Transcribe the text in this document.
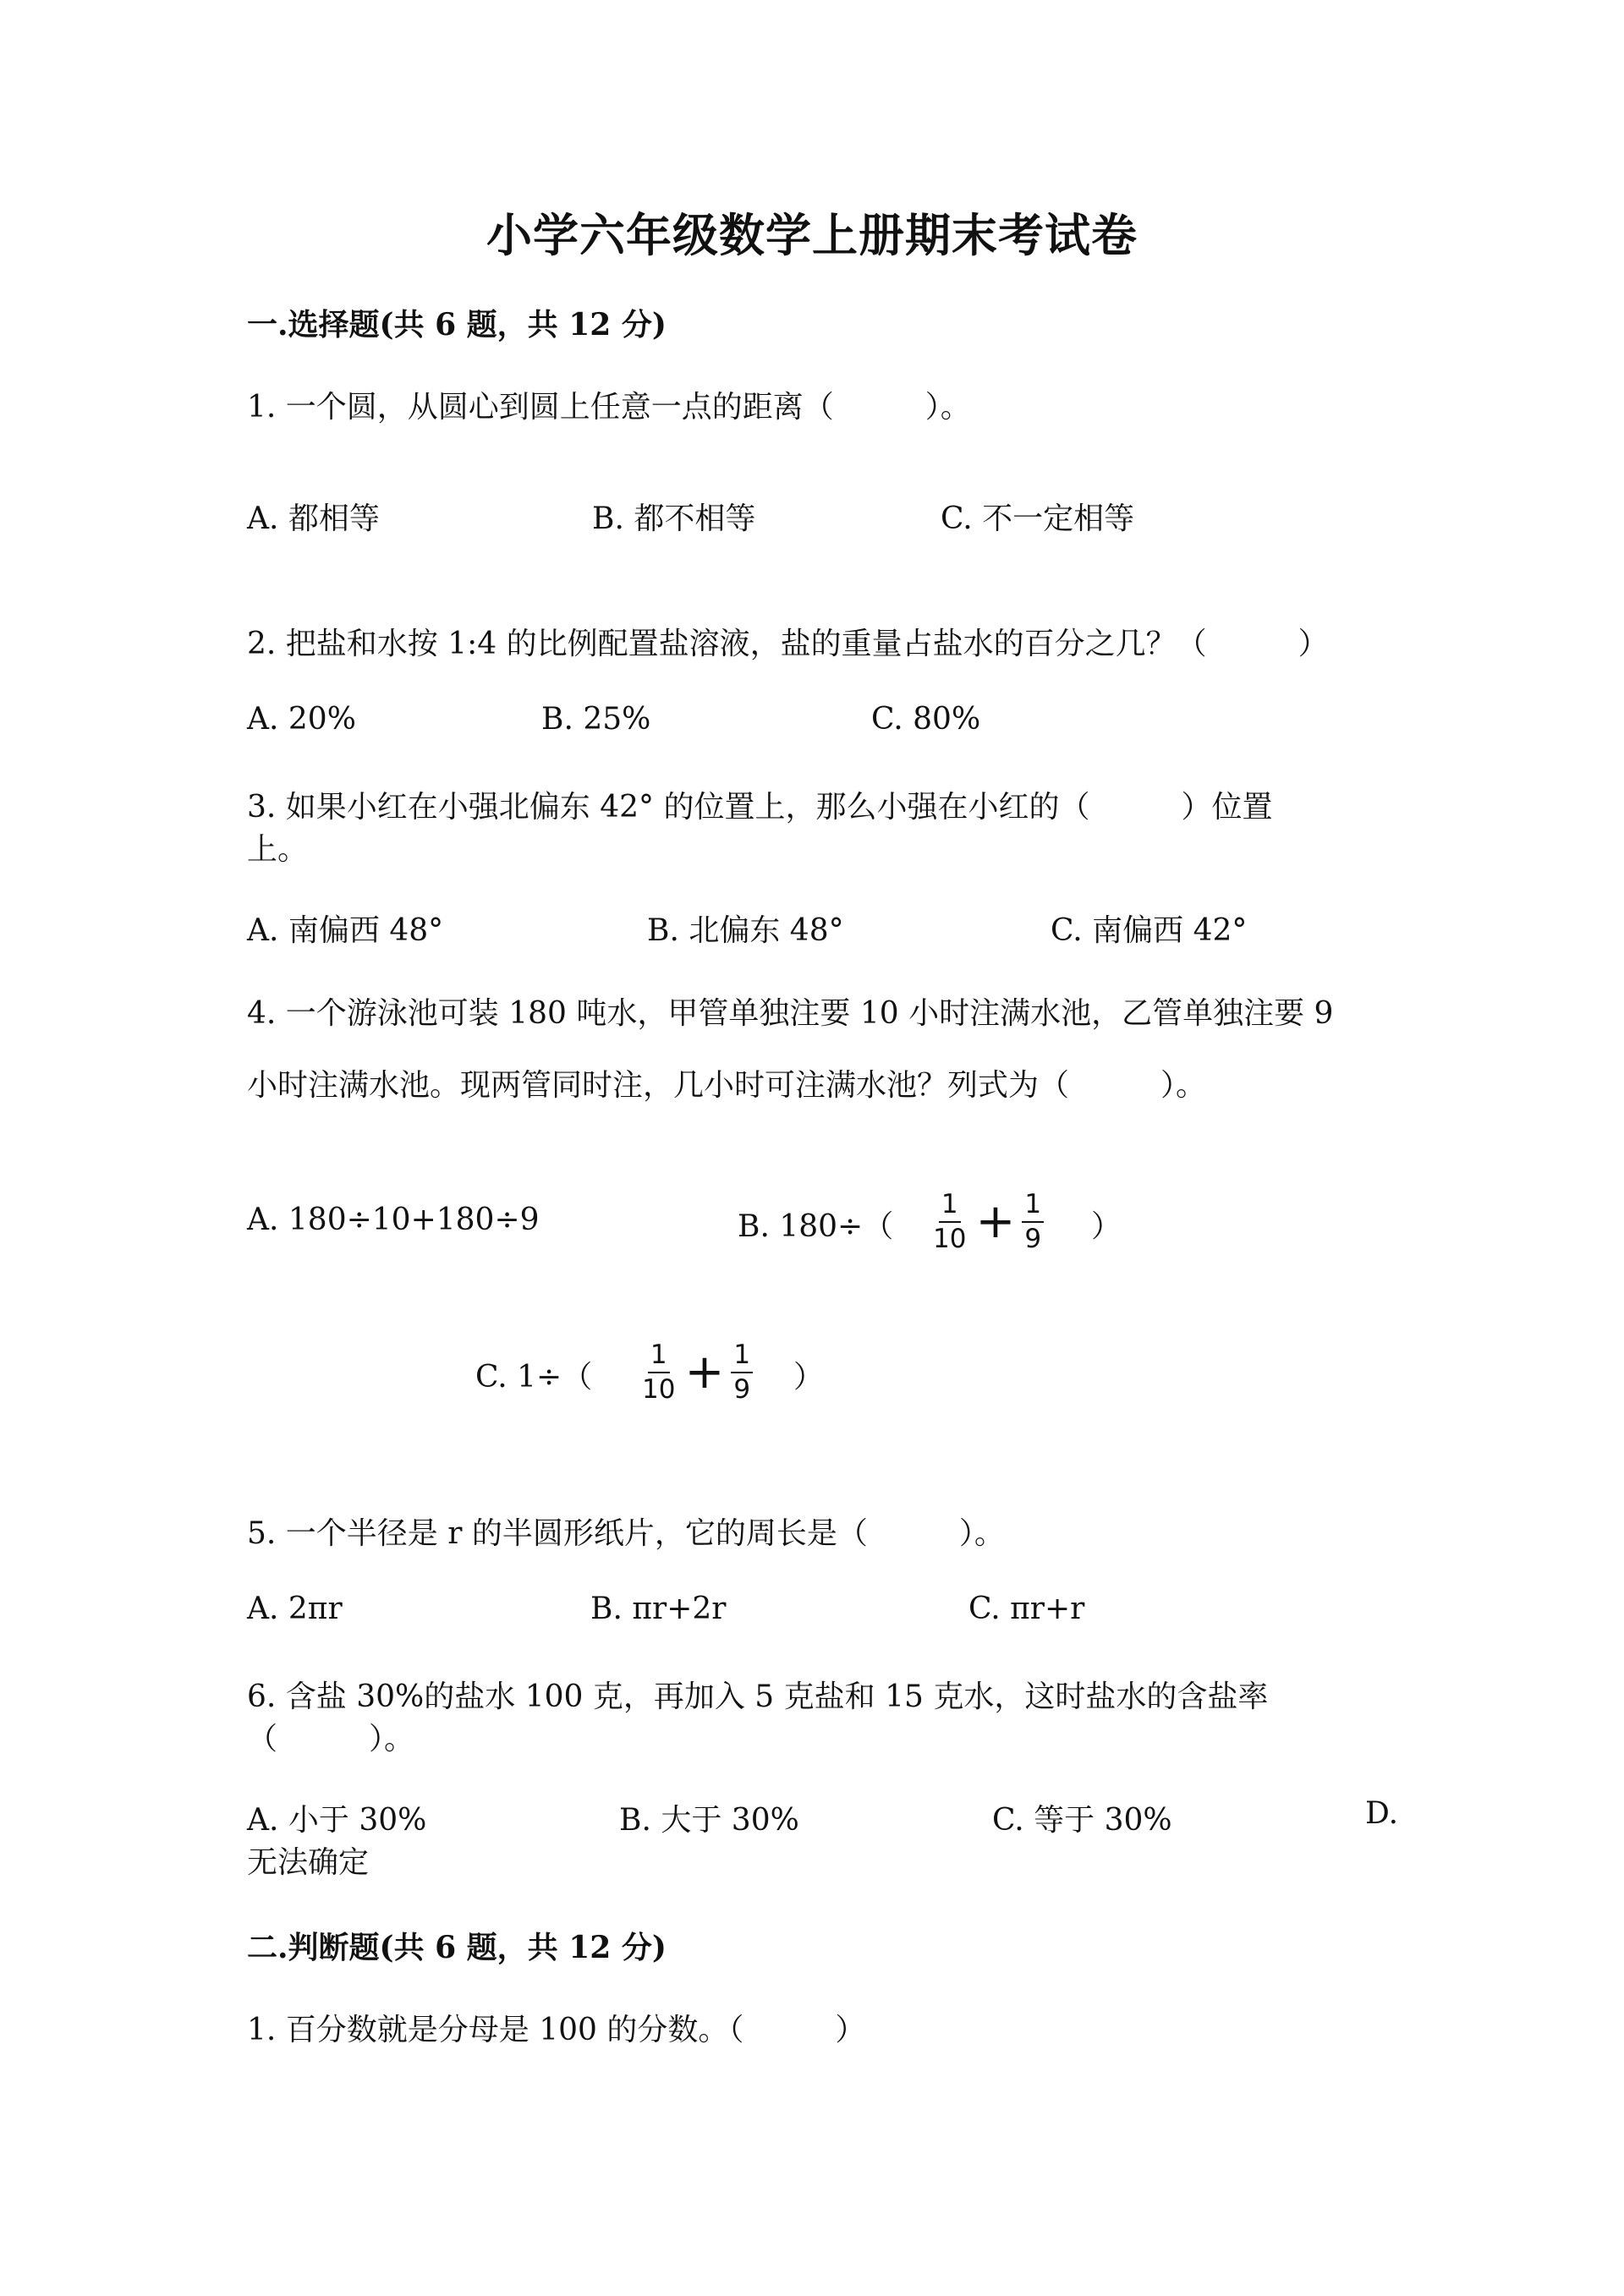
小学六年级数学上册期末考试卷
一.选择题(共 6 题，共 12 分)
1. 一个圆，从圆心到圆上任意一点的距离（　　　）。
A. 都相等	B. 都不相等	C. 不一定相等
2. 把盐和水按 1:4 的比例配置盐溶液，盐的重量占盐水的百分之几？（　　　）
A. 20%	B. 25%	C. 80%
3. 如果小红在小强北偏东 42° 的位置上，那么小强在小红的（　　　）位置
上。
A. 南偏西 48°	B. 北偏东 48°	C. 南偏西 42°
4. 一个游泳池可装 180 吨水，甲管单独注要 10 小时注满水池，乙管单独注要 9
小时注满水池。现两管同时注，几小时可注满水池？列式为（　　　）。
A. 180÷10+180÷9	B. $180\div( \frac{1}{10} + \frac{1}{9}$ ）
C. $1\div( \frac{1}{10} + \frac{1}{9}$ ）
5. 一个半径是 r 的半圆形纸片，它的周长是（　　　）。
A. 2πr	B. πr+2r	C. πr+r
6. 含盐 30%的盐水 100 克，再加入 5 克盐和 15 克水，这时盐水的含盐率
（　　　）。
A. 小于 30%	B. 大于 30%	C. 等于 30%	D.
无法确定
二.判断题(共 6 题，共 12 分)
1. 百分数就是分母是 100 的分数。（　　　）
